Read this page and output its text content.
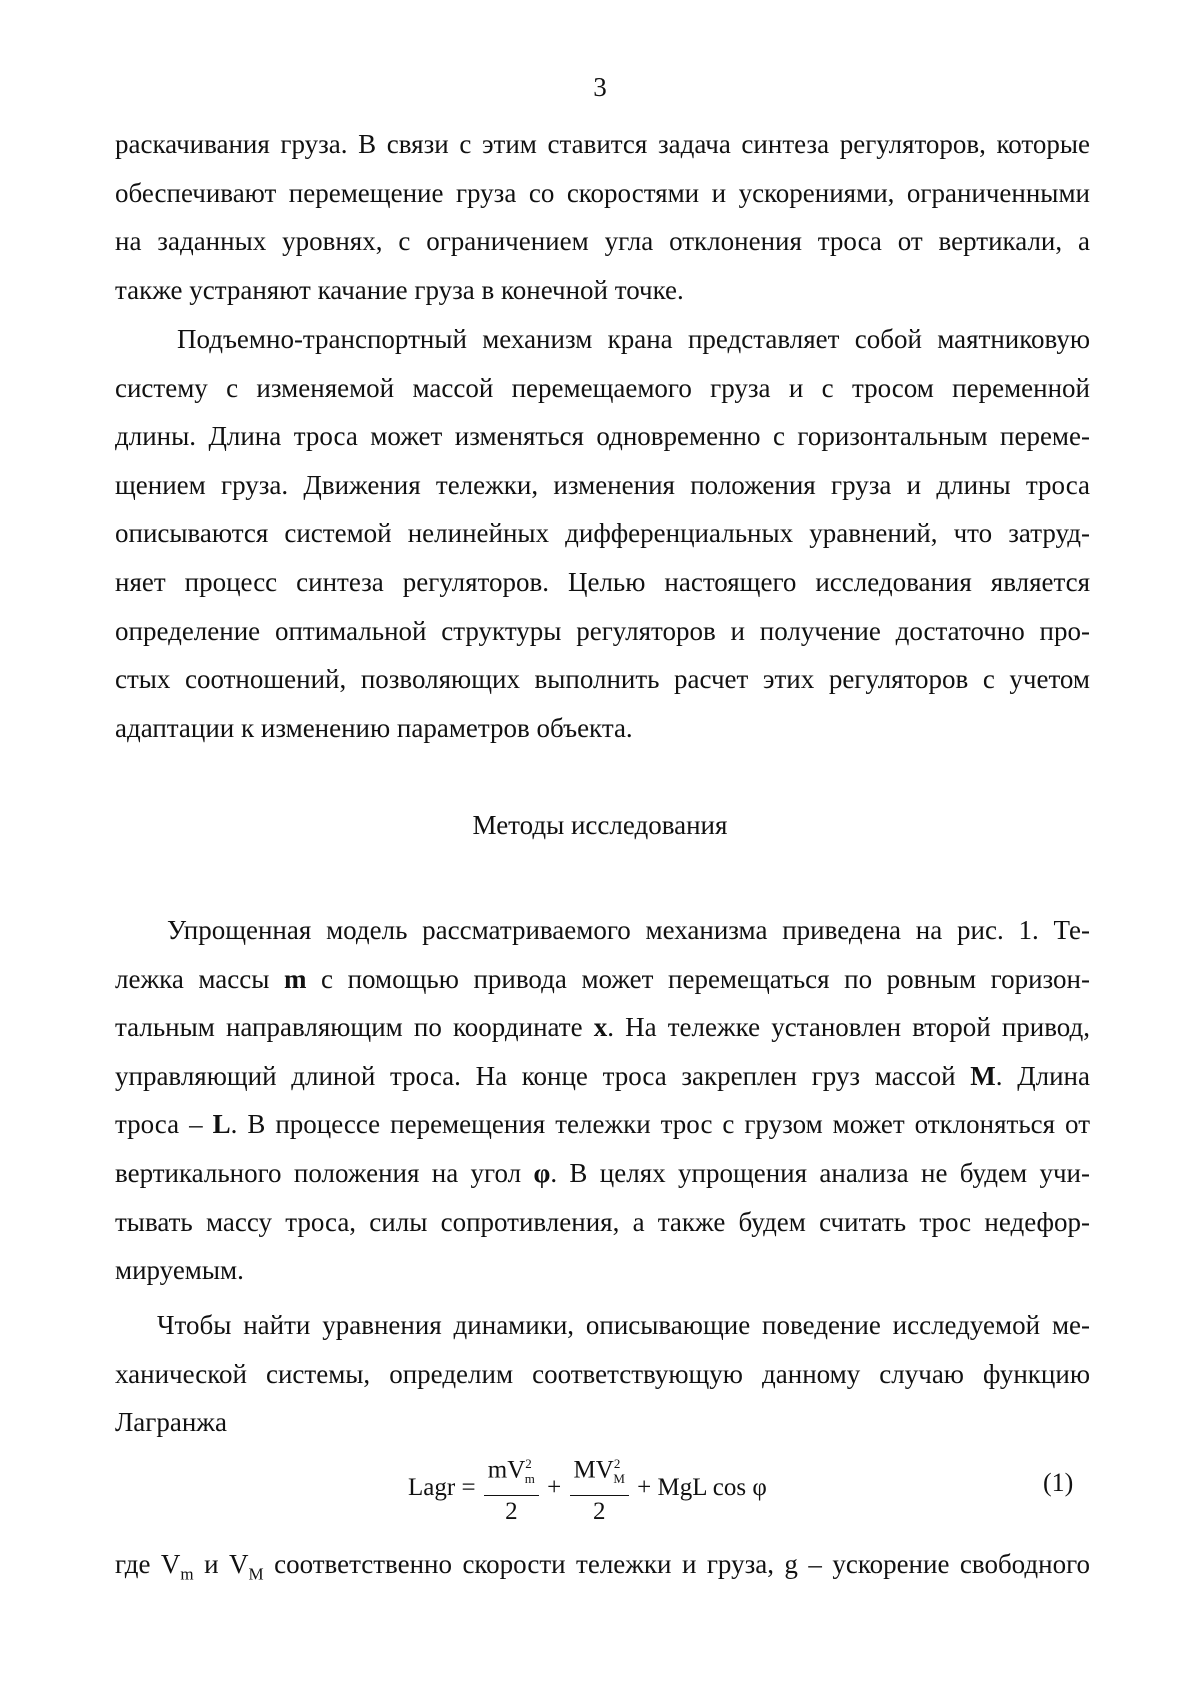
3
раскачивания груза. В связи с этим ставится задача синтеза регуляторов, которые
обеспечивают перемещение груза со скоростями и ускорениями, ограниченными
на заданных уровнях, с ограничением угла отклонения троса от вертикали, а
также устраняют качание груза в конечной точке.
Подъемно-транспортный механизм крана представляет собой маятниковую
систему с изменяемой массой перемещаемого груза и с тросом переменной
длины. Длина троса может изменяться одновременно с горизонтальным переме-
щением груза. Движения тележки, изменения положения груза и длины троса
описываются системой нелинейных дифференциальных уравнений, что затруд-
няет процесс синтеза регуляторов. Целью настоящего исследования является
определение оптимальной структуры регуляторов и получение достаточно про-
стых соотношений, позволяющих выполнить расчет этих регуляторов с учетом
адаптации к изменению параметров объекта.
Методы исследования
Упрощенная модель рассматриваемого механизма приведена на рис. 1. Те-
лежка массы m с помощью привода может перемещаться по ровным горизон-
тальным направляющим по координате x. На тележке установлен второй привод,
управляющий длиной троса. На конце троса закреплен груз массой M. Длина
троса – L. В процессе перемещения тележки трос с грузом может отклоняться от
вертикального положения на угол φ. В целях упрощения анализа не будем учи-
тывать массу троса, силы сопротивления, а также будем считать трос недефор-
мируемым.
Чтобы найти уравнения динамики, описывающие поведение исследуемой ме-
ханической системы, определим соответствующую данному случаю функцию
Лагранжа
Lagr = $\frac{mV^2_m}{2} + \frac{MV^2_M}{2}$ + MgL cos φ	(1)
где $V_m$ и $V_M$ соответственно скорости тележки и груза, g – ускорение свободного
